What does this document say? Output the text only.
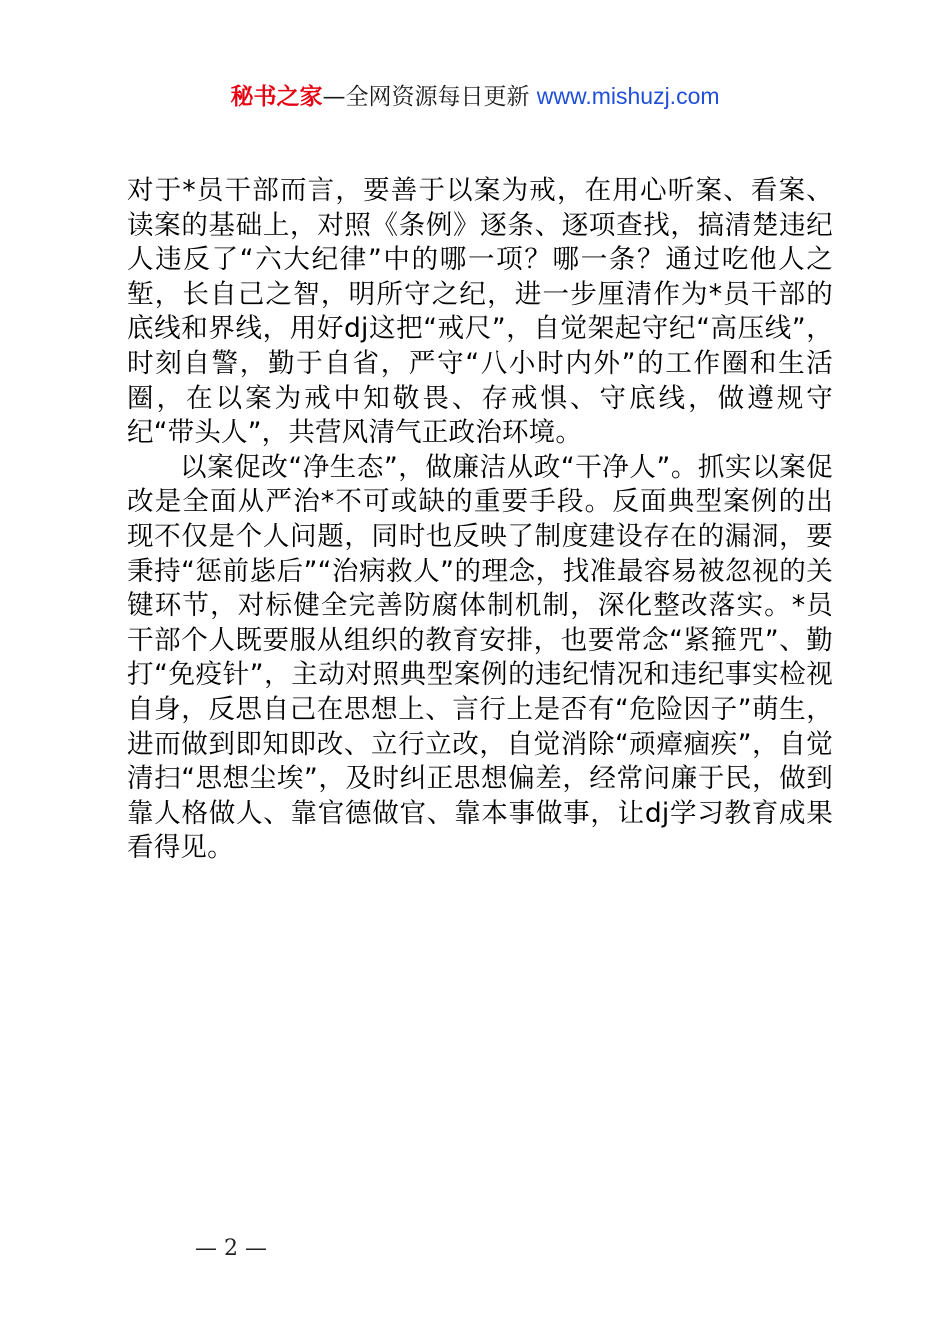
秘书之家—全网资源每日更新 www.mishuzj.com

对于*员干部而言，要善于以案为戒，在用心听案、看案、读案的基础上，对照《条例》逐条、逐项查找，搞清楚违纪人违反了“六大纪律”中的哪一项？哪一条？通过吃他人之堑，长自己之智，明所守之纪，进一步厘清作为*员干部的底线和界线，用好dj这把“戒尺”，自觉架起守纪“高压线”，时刻自警，勤于自省，严守“八小时内外”的工作圈和生活圈，在以案为戒中知敬畏、存戒惧、守底线，做遵规守纪“带头人”，共营风清气正政治环境。

以案促改“净生态”，做廉洁从政“干净人”。抓实以案促改是全面从严治*不可或缺的重要手段。反面典型案例的出现不仅是个人问题，同时也反映了制度建设存在的漏洞，要秉持“惩前毖后”“治病救人”的理念，找准最容易被忽视的关键环节，对标健全完善防腐体制机制，深化整改落实。*员干部个人既要服从组织的教育安排，也要常念“紧箍咒”、勤打“免疫针”，主动对照典型案例的违纪情况和违纪事实检视自身，反思自己在思想上、言行上是否有“危险因子”萌生，进而做到即知即改、立行立改，自觉消除“顽瘴痼疾”，自觉清扫“思想尘埃”，及时纠正思想偏差，经常问廉于民，做到靠人格做人、靠官德做官、靠本事做事，让dj学习教育成果看得见。

— 2 —
